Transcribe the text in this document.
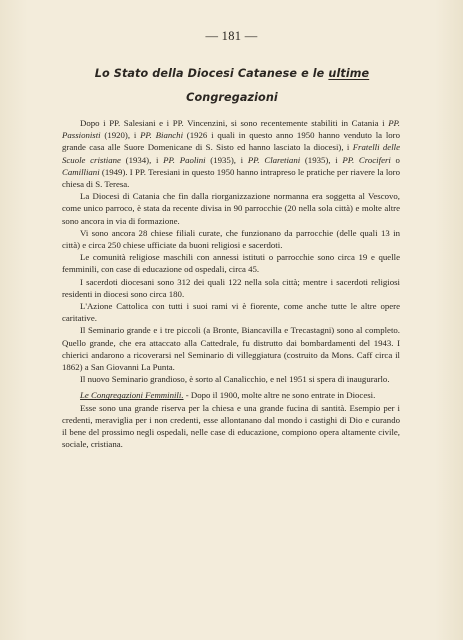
— 181 —
Lo Stato della Diocesi Catanese e le ultime
Congregazioni

Dopo i PP. Salesiani e i PP. Vincenzini, si sono recentemente stabiliti in Catania i PP. Passionisti (1920), i PP. Bianchi (1926 i quali in questo anno 1950 hanno venduto la loro grande casa alle Suore Domenicane di S. Sisto ed hanno lasciato la diocesi), i Fratelli delle Scuole cristiane (1934), i PP. Paolini (1935), i PP. Claretiani (1935), i PP. Crociferi o Camilliani (1949). I PP. Teresiani in questo 1950 hanno intrapreso le pratiche per riavere la loro chiesa di S. Teresa.

La Diocesi di Catania che fin dalla riorganizzazione normanna era soggetta al Vescovo, come unico parroco, è stata da recente divisa in 90 parrocchie (20 nella sola città) e molte altre sono ancora in via di formazione.

Vi sono ancora 28 chiese filiali curate, che funzionano da parrocchie (delle quali 13 in città) e circa 250 chiese ufficiate da buoni religiosi e sacerdoti.

Le comunità religiose maschili con annessi istituti o parrocchie sono circa 19 e quelle femminili, con case di educazione od ospedali, circa 45.

I sacerdoti diocesani sono 312 dei quali 122 nella sola città; mentre i sacerdoti religiosi residenti in diocesi sono circa 180.

L'Azione Cattolica con tutti i suoi rami vi è fiorente, come anche tutte le altre opere caritative.

Il Seminario grande e i tre piccoli (a Bronte, Biancavilla e Trecastagni) sono al completo. Quello grande, che era attaccato alla Cattedrale, fu distrutto dai bombardamenti del 1943. I chierici andarono a ricoverarsi nel Seminario di villeggiatura (costruito da Mons. Caff circa il 1862) a San Giovanni La Punta.

Il nuovo Seminario grandioso, è sorto al Canalicchio, e nel 1951 si spera di inaugurarlo.

Le Congregazioni Femminili. - Dopo il 1900, molte altre ne sono entrate in Diocesi.

Esse sono una grande riserva per la chiesa e una grande fucina di santità. Esempio per i credenti, meraviglia per i non credenti, esse allontanano dal mondo i castighi di Dio e curando il bene del prossimo negli ospedali, nelle case di educazione, compiono opera altamente civile, sociale, cristiana.
